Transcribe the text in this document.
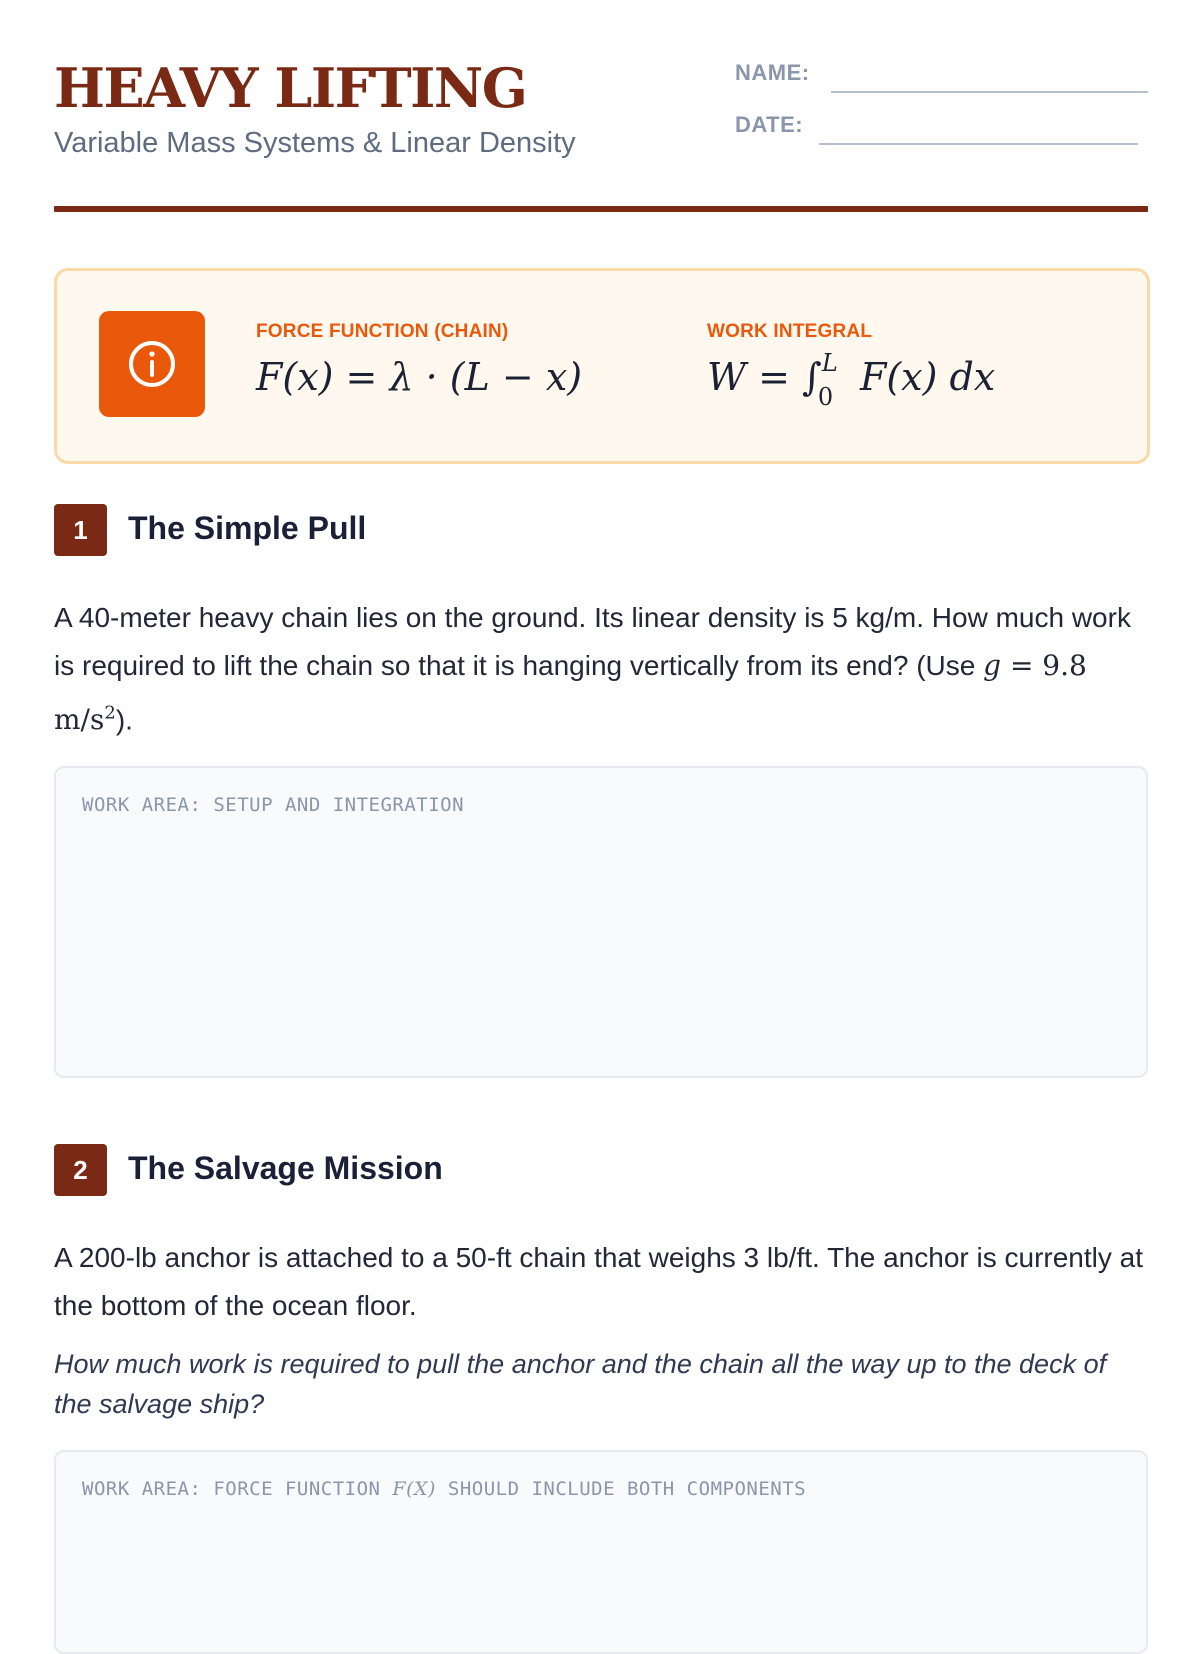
HEAVY LIFTING
Variable Mass Systems & Linear Density
NAME:
DATE:
FORCE FUNCTION (CHAIN)
F(x) = λ · (L − x)
WORK INTEGRAL
W = ∫ L
0 F(x) dx
1	The Simple Pull

A 40-meter heavy chain lies on the ground. Its linear density is 5 kg/m. How much work is required to lift the chain so that it is hanging vertically from its end? (Use g = 9.8 $m/s^2$).

WORK AREA: SETUP AND INTEGRATION
2	The Salvage Mission

A 200-lb anchor is attached to a 50-ft chain that weighs 3 lb/ft. The anchor is currently at the bottom of the ocean floor.

How much work is required to pull the anchor and the chain all the way up to the deck of the salvage ship?

WORK AREA: FORCE FUNCTION F(X) SHOULD INCLUDE BOTH COMPONENTS
